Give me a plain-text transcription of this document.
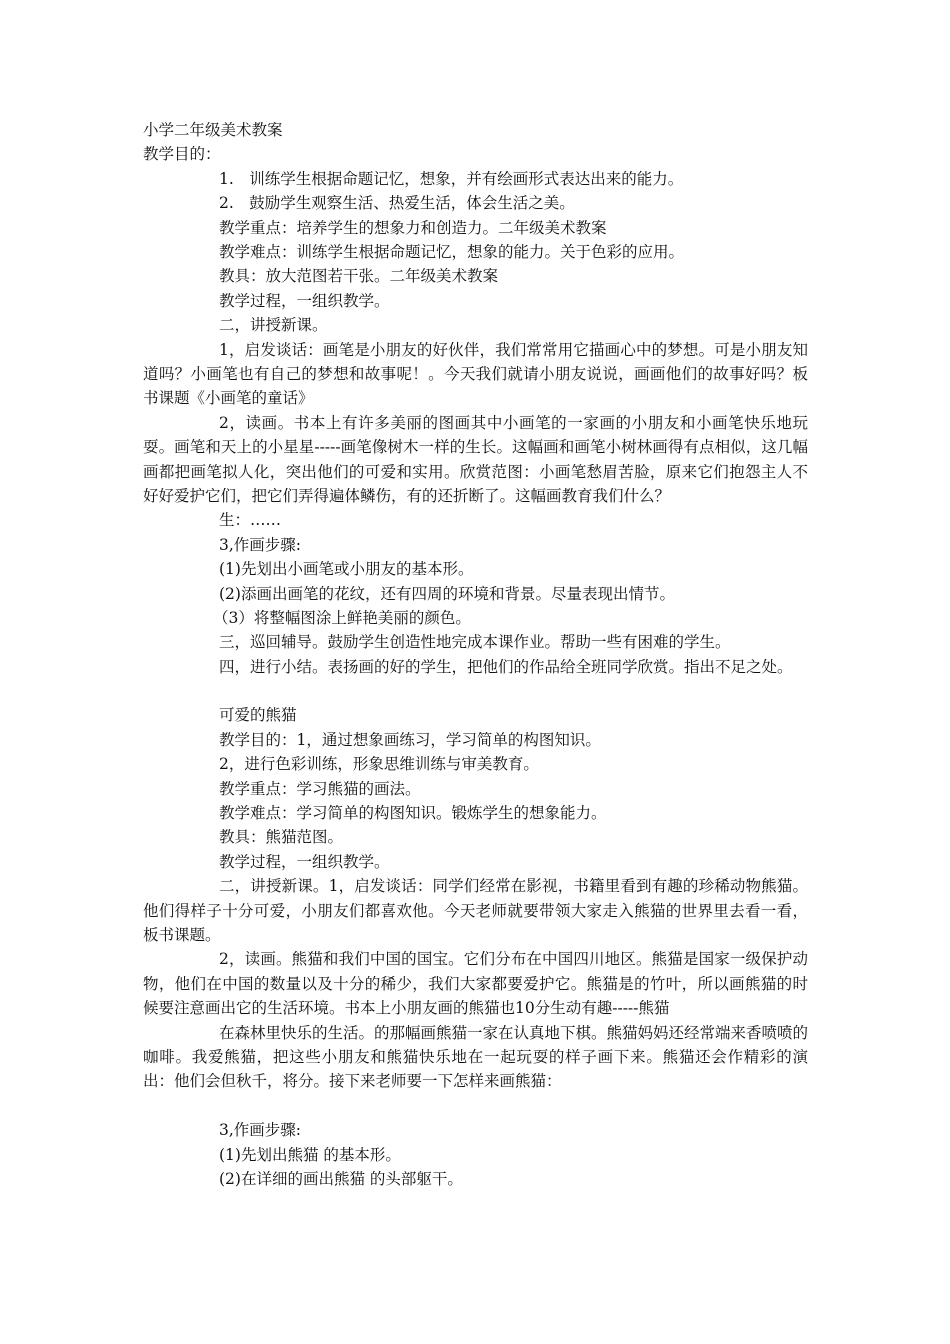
小学二年级美术教案
教学目的：
1.　训练学生根据命题记忆，想象，并有绘画形式表达出来的能力。
2.　鼓励学生观察生活、热爱生活，体会生活之美。
教学重点：培养学生的想象力和创造力。二年级美术教案
教学难点：训练学生根据命题记忆，想象的能力。关于色彩的应用。
教具：放大范图若干张。二年级美术教案
教学过程，一组织教学。
二，讲授新课。
1，启发谈话：画笔是小朋友的好伙伴，我们常常用它描画心中的梦想。可是小朋友知道吗？小画笔也有自己的梦想和故事呢！。今天我们就请小朋友说说，画画他们的故事好吗？板书课题《小画笔的童话》
2，读画。书本上有许多美丽的图画其中小画笔的一家画的小朋友和小画笔快乐地玩耍。画笔和天上的小星星-----画笔像树木一样的生长。这幅画和画笔小树林画得有点相似，这几幅画都把画笔拟人化，突出他们的可爱和实用。欣赏范图：小画笔愁眉苦脸，原来它们抱怨主人不好好爱护它们，把它们弄得遍体鳞伤，有的还折断了。这幅画教育我们什么？
生：……
3,作画步骤:
(1)先划出小画笔或小朋友的基本形。
(2)添画出画笔的花纹，还有四周的环境和背景。尽量表现出情节。
（3）将整幅图涂上鲜艳美丽的颜色。
三，巡回辅导。鼓励学生创造性地完成本课作业。帮助一些有困难的学生。
四，进行小结。表扬画的好的学生，把他们的作品给全班同学欣赏。指出不足之处。
可爱的熊猫
教学目的：1，通过想象画练习，学习简单的构图知识。
2，进行色彩训练，形象思维训练与审美教育。
教学重点：学习熊猫的画法。
教学难点：学习简单的构图知识。锻炼学生的想象能力。
教具：熊猫范图。
教学过程，一组织教学。
二，讲授新课。1，启发谈话：同学们经常在影视，书籍里看到有趣的珍稀动物熊猫。他们得样子十分可爱，小朋友们都喜欢他。今天老师就要带领大家走入熊猫的世界里去看一看，板书课题。
2，读画。熊猫和我们中国的国宝。它们分布在中国四川地区。熊猫是国家一级保护动物，他们在中国的数量以及十分的稀少，我们大家都要爱护它。熊猫是的竹叶，所以画熊猫的时候要注意画出它的生活环境。书本上小朋友画的熊猫也10分生动有趣-----熊猫
在森林里快乐的生活。的那幅画熊猫一家在认真地下棋。熊猫妈妈还经常端来香喷喷的咖啡。我爱熊猫，把这些小朋友和熊猫快乐地在一起玩耍的样子画下来。熊猫还会作精彩的演出：他们会但秋千，将分。接下来老师要一下怎样来画熊猫：
3,作画步骤:
(1)先划出熊猫 的基本形。
(2)在详细的画出熊猫 的头部躯干。
